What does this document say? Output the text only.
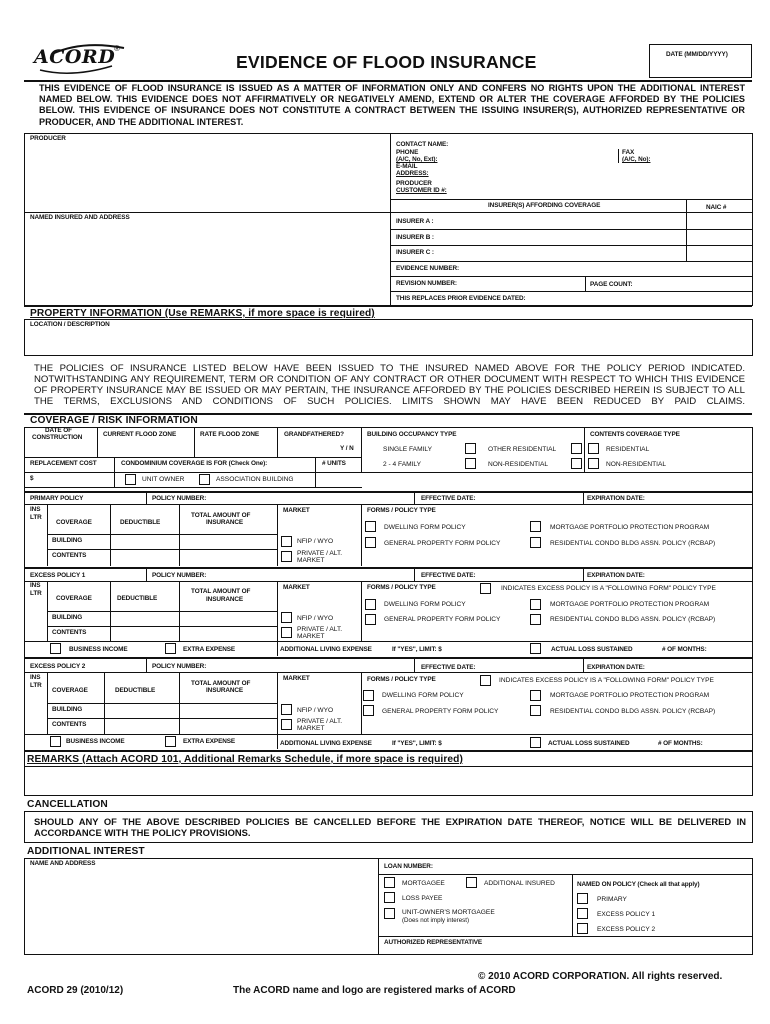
ACORD
®
EVIDENCE OF FLOOD INSURANCE	DATE (MM/DD/YYYY)
THIS EVIDENCE OF FLOOD INSURANCE IS ISSUED AS A MATTER OF INFORMATION ONLY AND CONFERS NO RIGHTS UPON THE ADDITIONAL INTEREST NAMED BELOW. THIS EVIDENCE DOES NOT AFFIRMATIVELY OR NEGATIVELY AMEND, EXTEND OR ALTER THE COVERAGE AFFORDED BY THE POLICIES BELOW. THIS EVIDENCE OF INSURANCE DOES NOT CONSTITUTE A CONTRACT BETWEEN THE ISSUING INSURER(S), AUTHORIZED REPRESENTATIVE OR PRODUCER, AND THE ADDITIONAL INTEREST.
PRODUCER
CONTACT NAME:
PHONE
(A/C, No, Ext):
FAX
(A/C, No):
E-MAIL
ADDRESS:
PRODUCER
CUSTOMER ID #:
INSURER(S) AFFORDING COVERAGE	NAIC #
NAMED INSURED AND ADDRESS
INSURER A :
INSURER B :
INSURER C :
EVIDENCE NUMBER:
REVISION NUMBER:	PAGE COUNT:
THIS REPLACES PRIOR EVIDENCE DATED:
PROPERTY INFORMATION (Use REMARKS, if more space is required)
LOCATION / DESCRIPTION
THE POLICIES OF INSURANCE LISTED BELOW HAVE BEEN ISSUED TO THE INSURED NAMED ABOVE FOR THE POLICY PERIOD INDICATED. NOTWITHSTANDING ANY REQUIREMENT, TERM OR CONDITION OF ANY CONTRACT OR OTHER DOCUMENT WITH RESPECT TO WHICH THIS EVIDENCE OF PROPERTY INSURANCE MAY BE ISSUED OR MAY PERTAIN, THE INSURANCE AFFORDED BY THE POLICIES DESCRIBED HEREIN IS SUBJECT TO ALL THE TERMS, EXCLUSIONS AND CONDITIONS OF SUCH POLICIES. LIMITS SHOWN MAY HAVE BEEN REDUCED BY PAID CLAIMS.
COVERAGE / RISK INFORMATION
DATE OF
CONSTRUCTION	CURRENT FLOOD ZONE	RATE FLOOD ZONE	GRANDFATHERED?
Y / N
BUILDING OCCUPANCY TYPE
SINGLE FAMILY	OTHER RESIDENTIAL
2 - 4 FAMILY	NON-RESIDENTIAL
CONTENTS COVERAGE TYPE
RESIDENTIAL
NON-RESIDENTIAL
REPLACEMENT COST	CONDOMINIUM COVERAGE IS FOR (Check One):	# UNITS
$	UNIT OWNER	ASSOCIATION BUILDING
PRIMARY POLICY	POLICY NUMBER:	EFFECTIVE DATE:	EXPIRATION DATE:
INS
LTR
COVERAGE	DEDUCTIBLE
TOTAL AMOUNT OF
INSURANCE
MARKET	FORMS / POLICY TYPE
BUILDING
CONTENTS
NFIP / WYO
PRIVATE / ALT.
MARKET
DWELLING FORM POLICY
GENERAL PROPERTY FORM POLICY
MORTGAGE PORTFOLIO PROTECTION PROGRAM
RESIDENTIAL CONDO BLDG ASSN. POLICY (RCBAP)
EXCESS POLICY 1	POLICY NUMBER:	EFFECTIVE DATE:	EXPIRATION DATE:
INS
LTR
COVERAGE	DEDUCTIBLE
TOTAL AMOUNT OF
INSURANCE
MARKET	FORMS / POLICY TYPE	INDICATES EXCESS POLICY IS A "FOLLOWING FORM" POLICY TYPE
BUILDING
CONTENTS
NFIP / WYO
PRIVATE / ALT.
MARKET
DWELLING FORM POLICY
GENERAL PROPERTY FORM POLICY
MORTGAGE PORTFOLIO PROTECTION PROGRAM
RESIDENTIAL CONDO BLDG ASSN. POLICY (RCBAP)
BUSINESS INCOME	EXTRA EXPENSE	ADDITIONAL LIVING EXPENSE	If "YES", LIMIT: $	ACTUAL LOSS SUSTAINED	# OF MONTHS:
EXCESS POLICY 2	POLICY NUMBER:	EFFECTIVE DATE:	EXPIRATION DATE:
INS
LTR
COVERAGE	DEDUCTIBLE
TOTAL AMOUNT OF
INSURANCE
MARKET	FORMS / POLICY TYPE	INDICATES EXCESS POLICY IS A "FOLLOWING FORM" POLICY TYPE
BUILDING
CONTENTS
NFIP / WYO
PRIVATE / ALT.
MARKET
DWELLING FORM POLICY
GENERAL PROPERTY FORM POLICY
MORTGAGE PORTFOLIO PROTECTION PROGRAM
RESIDENTIAL CONDO BLDG ASSN. POLICY (RCBAP)
BUSINESS INCOME	EXTRA EXPENSE	ADDITIONAL LIVING EXPENSE	If "YES", LIMIT: $	ACTUAL LOSS SUSTAINED	# OF MONTHS:
REMARKS (Attach ACORD 101, Additional Remarks Schedule, if more space is required)
CANCELLATION
SHOULD ANY OF THE ABOVE DESCRIBED POLICIES BE CANCELLED BEFORE THE EXPIRATION DATE THEREOF, NOTICE WILL BE DELIVERED IN ACCORDANCE WITH THE POLICY PROVISIONS.
ADDITIONAL INTEREST
NAME AND ADDRESS	LOAN NUMBER:
MORTGAGEE	ADDITIONAL INSURED	NAMED ON POLICY (Check all that apply)
LOSS PAYEE	PRIMARY
UNIT-OWNER'S MORTGAGEE
(Does not imply interest)
EXCESS POLICY 1
EXCESS POLICY 2
AUTHORIZED REPRESENTATIVE
© 2010 ACORD CORPORATION. All rights reserved.
ACORD 29 (2010/12)	The ACORD name and logo are registered marks of ACORD
